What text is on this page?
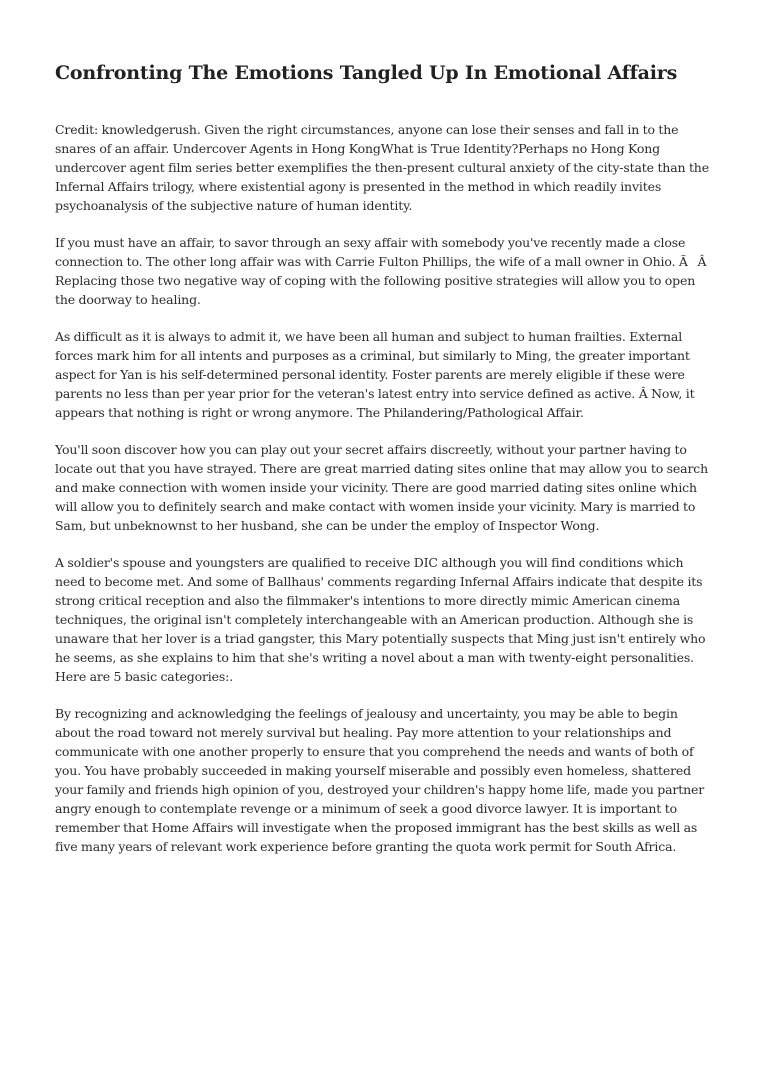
Confronting The Emotions Tangled Up In Emotional Affairs

Credit: knowledgerush. Given the right circumstances, anyone can lose their senses and fall in to the snares of an affair. Undercover Agents in Hong KongWhat is True Identity?Perhaps no Hong Kong undercover agent film series better exemplifies the then-present cultural anxiety of the city-state than the Infernal Affairs trilogy, where existential agony is presented in the method in which readily invites psychoanalysis of the subjective nature of human identity.

If you must have an affair, to savor through an sexy affair with somebody you've recently made a close connection to. The other long affair was with Carrie Fulton Phillips, the wife of a mall owner in Ohio. ÃÂ Replacing those two negative way of coping with the following positive strategies will allow you to open the doorway to healing.

As difficult as it is always to admit it, we have been all human and subject to human frailties. External forces mark him for all intents and purposes as a criminal, but similarly to Ming, the greater important aspect for Yan is his self-determined personal identity. Foster parents are merely eligible if these were parents no less than per year prior for the veteran's latest entry into service defined as active. Â Now, it appears that nothing is right or wrong anymore. The Philandering/Pathological Affair.

You'll soon discover how you can play out your secret affairs discreetly, without your partner having to locate out that you have strayed. There are great married dating sites online that may allow you to search and make connection with women inside your vicinity. There are good married dating sites online which will allow you to definitely search and make contact with women inside your vicinity. Mary is married to Sam, but unbeknownst to her husband, she can be under the employ of Inspector Wong.

A soldier's spouse and youngsters are qualified to receive DIC although you will find conditions which need to become met. And some of Ballhaus' comments regarding Infernal Affairs indicate that despite its strong critical reception and also the filmmaker's intentions to more directly mimic American cinema techniques, the original isn't completely interchangeable with an American production. Although she is unaware that her lover is a triad gangster, this Mary potentially suspects that Ming just isn't entirely who he seems, as she explains to him that she's writing a novel about a man with twenty-eight personalities. Here are 5 basic categories:.

By recognizing and acknowledging the feelings of jealousy and uncertainty, you may be able to begin about the road toward not merely survival but healing. Pay more attention to your relationships and communicate with one another properly to ensure that you comprehend the needs and wants of both of you. You have probably succeeded in making yourself miserable and possibly even homeless, shattered your family and friends high opinion of you, destroyed your children's happy home life, made you partner angry enough to contemplate revenge or a minimum of seek a good divorce lawyer. It is important to remember that Home Affairs will investigate when the proposed immigrant has the best skills as well as five many years of relevant work experience before granting the quota work permit for South Africa.
